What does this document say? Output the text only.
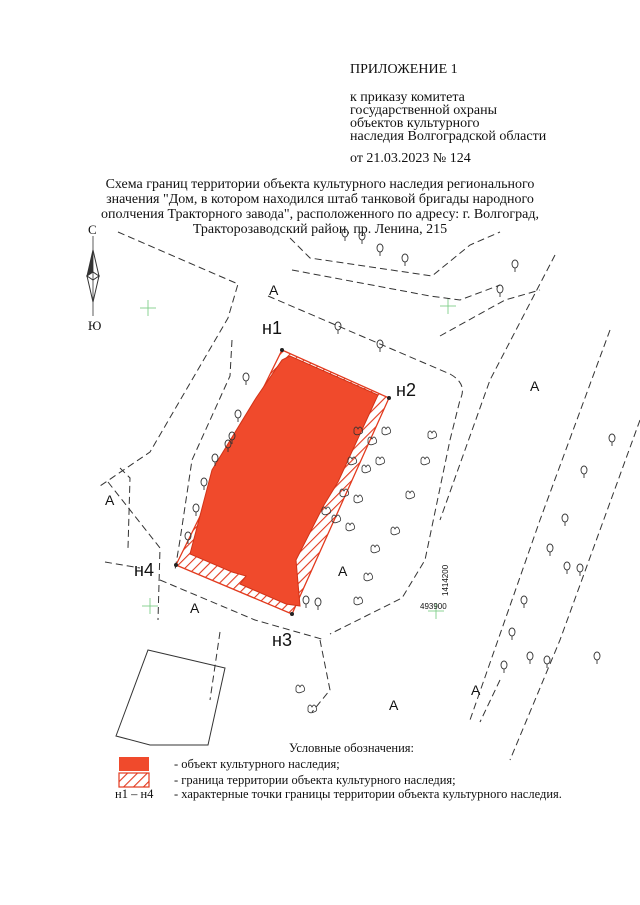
ПРИЛОЖЕНИЕ 1
к приказу комитета
государственной охраны
объектов культурного
наследия Волгоградской области
от 21.03.2023 № 124
Схема границ территории объекта культурного наследия регионального
значения "Дом, в котором находился штаб танковой бригады народного
ополчения Тракторного завода", расположенного по адресу: г. Волгоград,
Тракторозаводский район, пр. Ленина, 215
С
Ю	н1
н2
н3
н4
А
А
А
А
А
А
А
493900
1414200
Условные обозначения:
- объект культурного наследия;
- граница территории объекта культурного наследия;
н1 – н4 - характерные точки границы территории объекта культурного наследия.
